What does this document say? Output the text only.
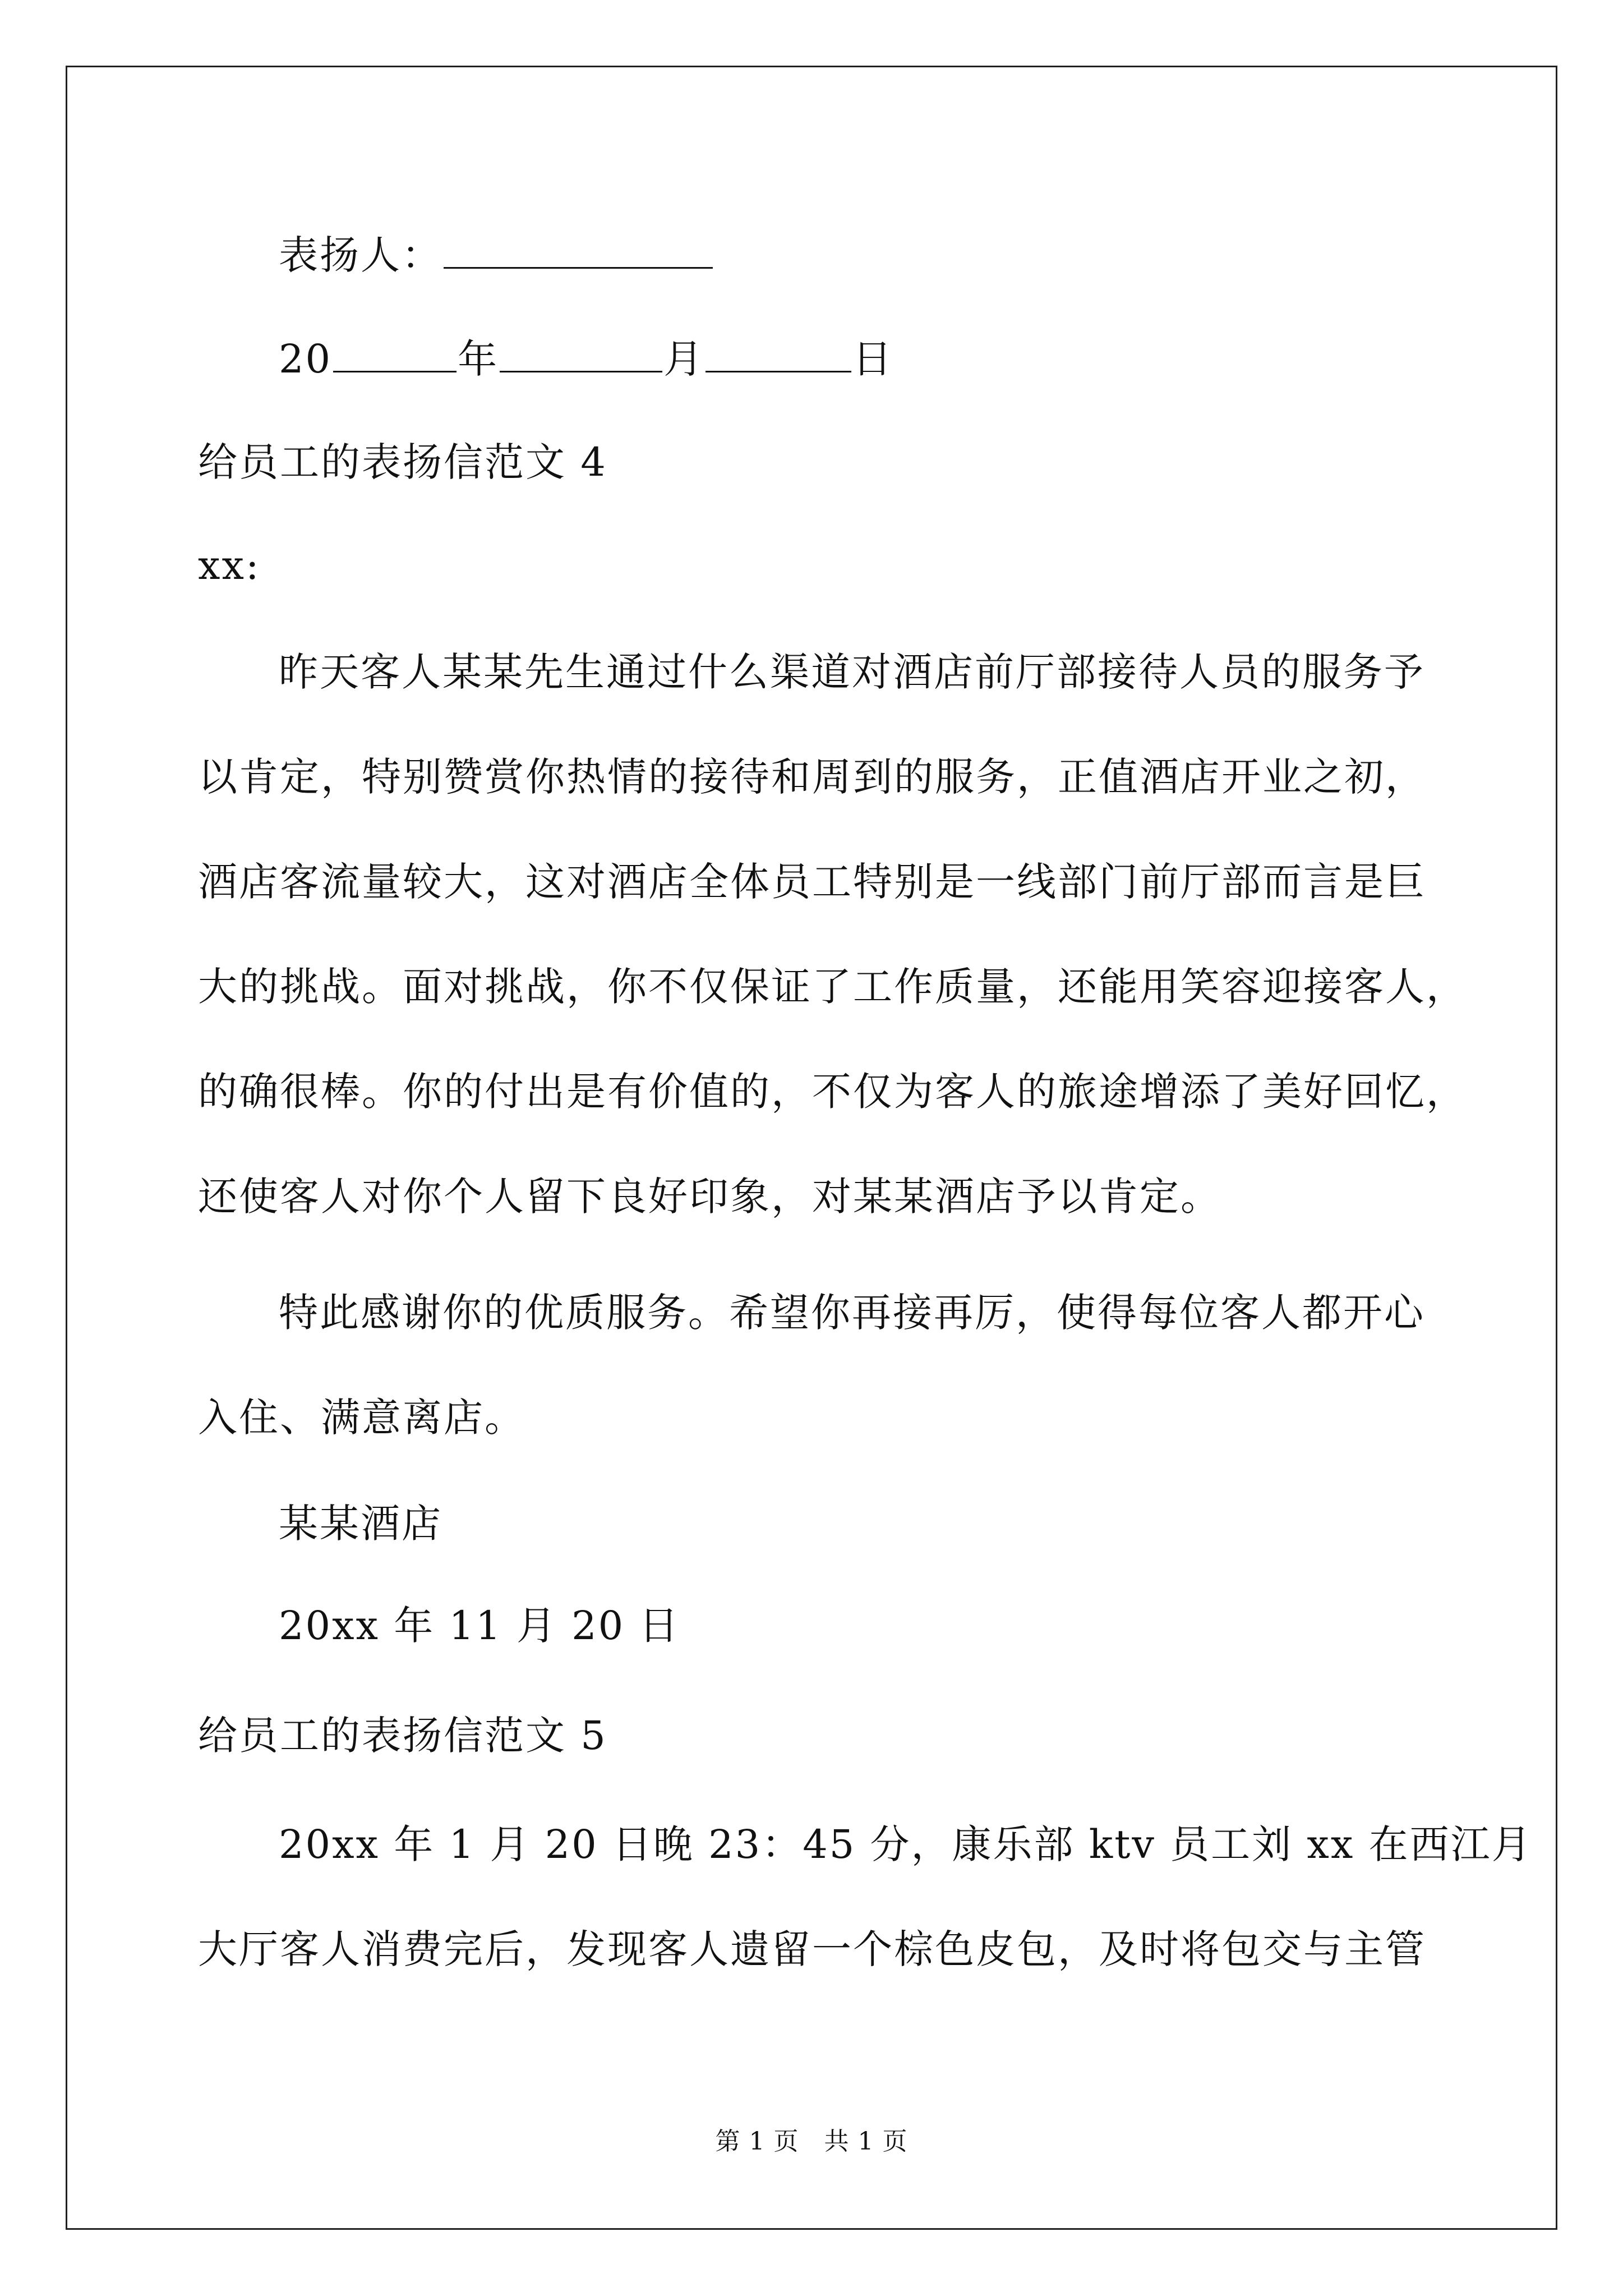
表扬人：
20	年	月	日
给员工的表扬信范文 4
xx:
昨天客人某某先生通过什么渠道对酒店前厅部接待人员的服务予
以肯定，特别赞赏你热情的接待和周到的服务，正值酒店开业之初，
酒店客流量较大，这对酒店全体员工特别是一线部门前厅部而言是巨
大的挑战。面对挑战，你不仅保证了工作质量，还能用笑容迎接客人，
的确很棒。你的付出是有价值的，不仅为客人的旅途增添了美好回忆，
还使客人对你个人留下良好印象，对某某酒店予以肯定。
特此感谢你的优质服务。希望你再接再厉，使得每位客人都开心
入住、满意离店。
某某酒店
20xx 年 11 月 20 日
给员工的表扬信范文 5
20xx 年 1 月 20 日晚 23：45 分，康乐部 ktv 员工刘 xx 在西江月
大厅客人消费完后，发现客人遗留一个棕色皮包，及时将包交与主管
第 1 页　共 1 页
